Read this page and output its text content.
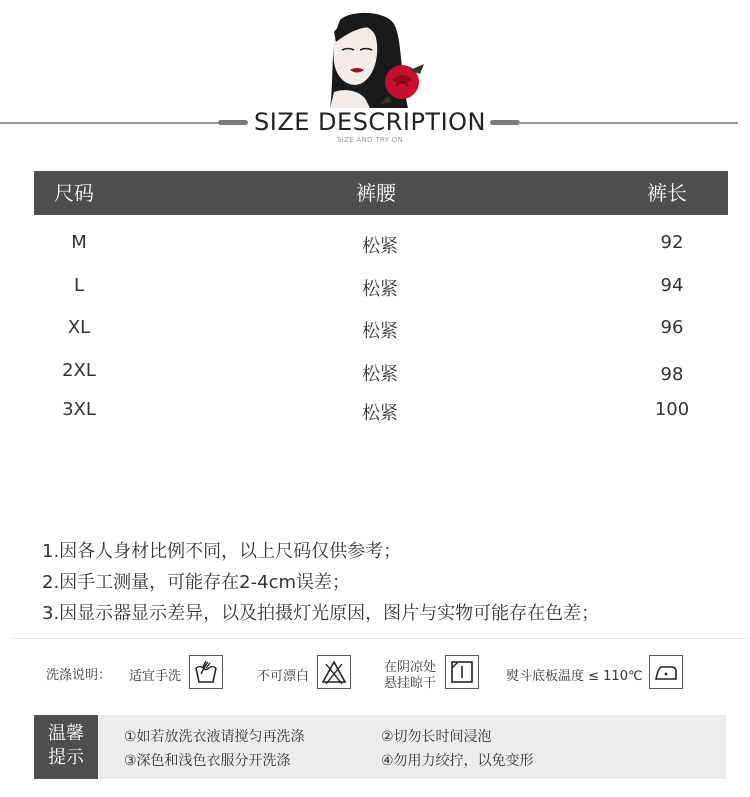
SIZE DESCRIPTION
SIZE AND TRY ON
尺码	裤腰	裤长
M	松紧	92
L	松紧	94
XL	松紧	96
2XL	松紧	98
3XL	松紧	100
1.因各人身材比例不同，以上尺码仅供参考；
2.因手工测量，可能存在2-4cm误差；
3.因显示器显示差异，以及拍摄灯光原因，图片与实物可能存在色差；
洗涤说明： 适宜手洗	不可漂白
在阴凉处
悬挂晾干	熨斗底板温度 ≤ 110℃
温馨
提示
①如若放洗衣液请搅匀再洗涤	②切勿长时间浸泡
③深色和浅色衣服分开洗涤	④勿用力绞拧，以免变形
